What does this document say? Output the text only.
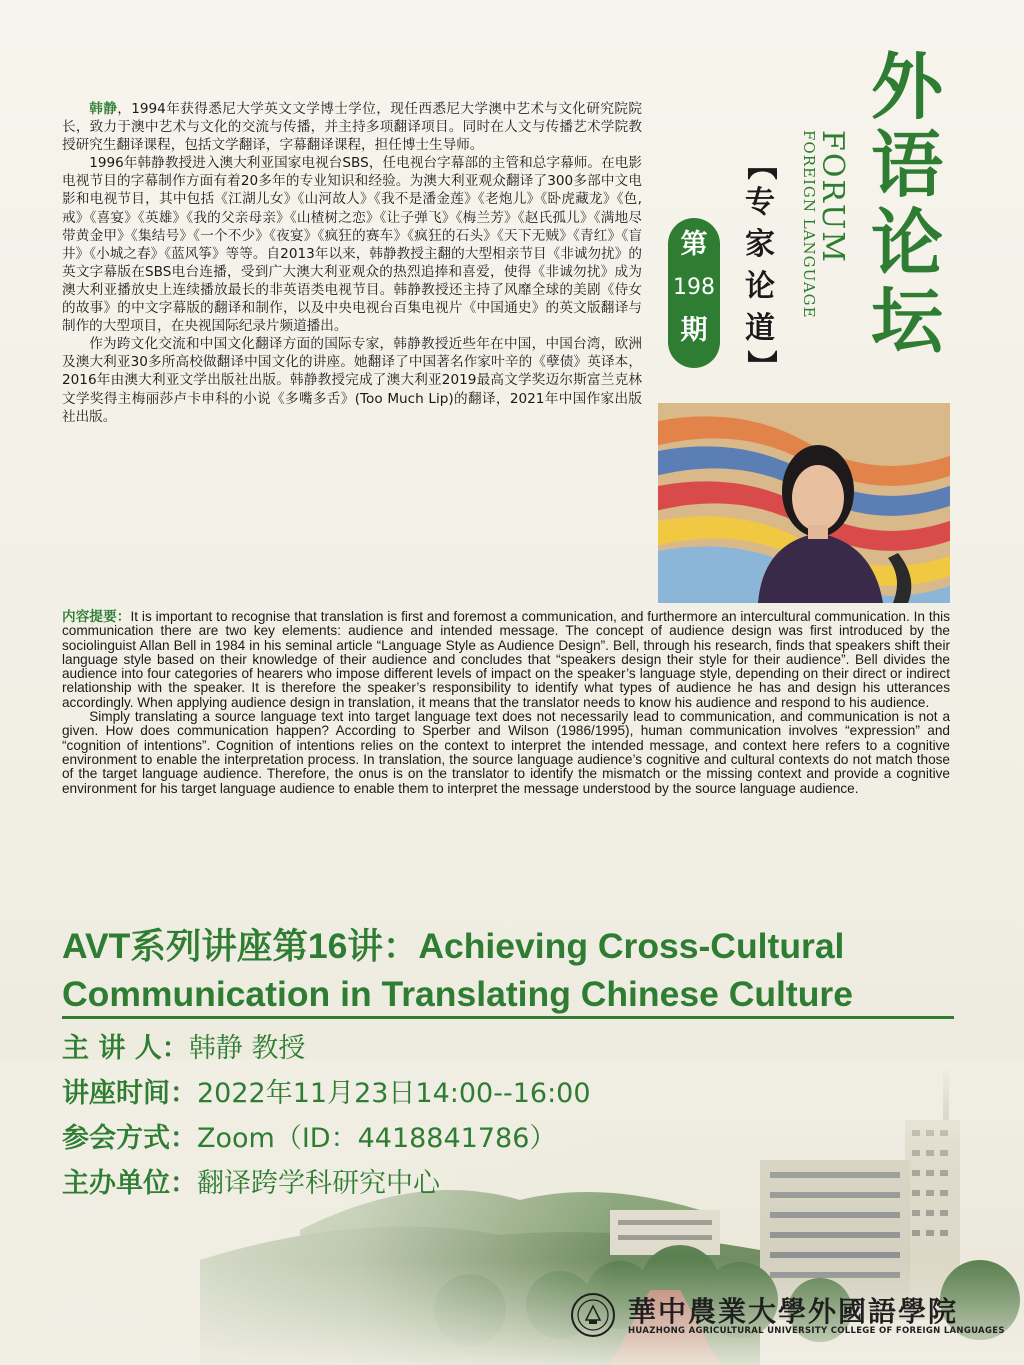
韩静，1994年获得悉尼大学英文文学博士学位，现任西悉尼大学澳中艺术与文化研究院院长，致力于澳中艺术与文化的交流与传播，并主持多项翻译项目。同时在人文与传播艺术学院教授研究生翻译课程，包括文学翻译，字幕翻译课程，担任博士生导师。

1996年韩静教授进入澳大利亚国家电视台SBS，任电视台字幕部的主管和总字幕师。在电影电视节目的字幕制作方面有着20多年的专业知识和经验。为澳大利亚观众翻译了300多部中文电影和电视节目，其中包括《江湖儿女》《山河故人》《我不是潘金莲》《老炮儿》《卧虎藏龙》《色,戒》《喜宴》《英雄》《我的父亲母亲》《山楂树之恋》《让子弹飞》《梅兰芳》《赵氏孤儿》《满地尽带黄金甲》《集结号》《一个不少》《夜宴》《疯狂的赛车》《疯狂的石头》《天下无贼》《青红》《盲井》《小城之春》《蓝风筝》等等。自2013年以来，韩静教授主翻的大型相亲节目《非诚勿扰》的英文字幕版在SBS电台连播，受到广大澳大利亚观众的热烈追捧和喜爱，使得《非诚勿扰》成为澳大利亚播放史上连续播放最长的非英语类电视节目。韩静教授还主持了风靡全球的美剧《侍女的故事》的中文字幕版的翻译和制作，以及中央电视台百集电视片《中国通史》的英文版翻译与制作的大型项目，在央视国际纪录片频道播出。

作为跨文化交流和中国文化翻译方面的国际专家，韩静教授近些年在中国，中国台湾，欧洲及澳大利亚30多所高校做翻译中国文化的讲座。她翻译了中国著名作家叶辛的《孽债》英译本，2016年由澳大利亚文学出版社出版。韩静教授完成了澳大利亚2019最高文学奖迈尔斯富兰克林文学奖得主梅丽莎卢卡申科的小说《多嘴多舌》(Too Much Lip)的翻译，2021年中国作家出版社出版。

外
语
论
坛
FORUM
FOREIGN LANGUAGE
【
专
家
论
道
】
第
198
期

内容提要：It is important to recognise that translation is first and foremost a communication, and furthermore an intercultural communication. In this communication there are two key elements: audience and intended message. The concept of audience design was first introduced by the sociolinguist Allan Bell in 1984 in his seminal article “Language Style as Audience Design”. Bell, through his research, finds that speakers shift their language style based on their knowledge of their audience and concludes that “speakers design their style for their audience”. Bell divides the audience into four categories of hearers who impose different levels of impact on the speaker’s language style, depending on their direct or indirect relationship with the speaker. It is therefore the speaker’s responsibility to identify what types of audience he has and design his utterances accordingly. When applying audience design in translation, it means that the translator needs to know his audience and respond to his audience.

Simply translating a source language text into target language text does not necessarily lead to communication, and communication is not a given. How does communication happen? According to Sperber and Wilson (1986/1995), human communication involves “expression” and “cognition of intentions”. Cognition of intentions relies on the context to interpret the intended message, and context here refers to a cognitive environment to enable the interpretation process. In translation, the source language audience’s cognitive and cultural contexts do not match those of the target language audience. Therefore, the onus is on the translator to identify the mismatch or the missing context and provide a cognitive environment for his target language audience to enable them to interpret the message understood by the source language audience.

AVT系列讲座第16讲：Achieving Cross-Cultural
Communication in Translating Chinese Culture
主 讲 人：韩静 教授
讲座时间：2022年11月23日14:00--16:00
参会方式：Zoom（ID：4418841786）
主办单位：翻译跨学科研究中心
華中農業大學外國語學院
HUAZHONG AGRICULTURAL UNIVERSITY COLLEGE OF FOREIGN LANGUAGES
